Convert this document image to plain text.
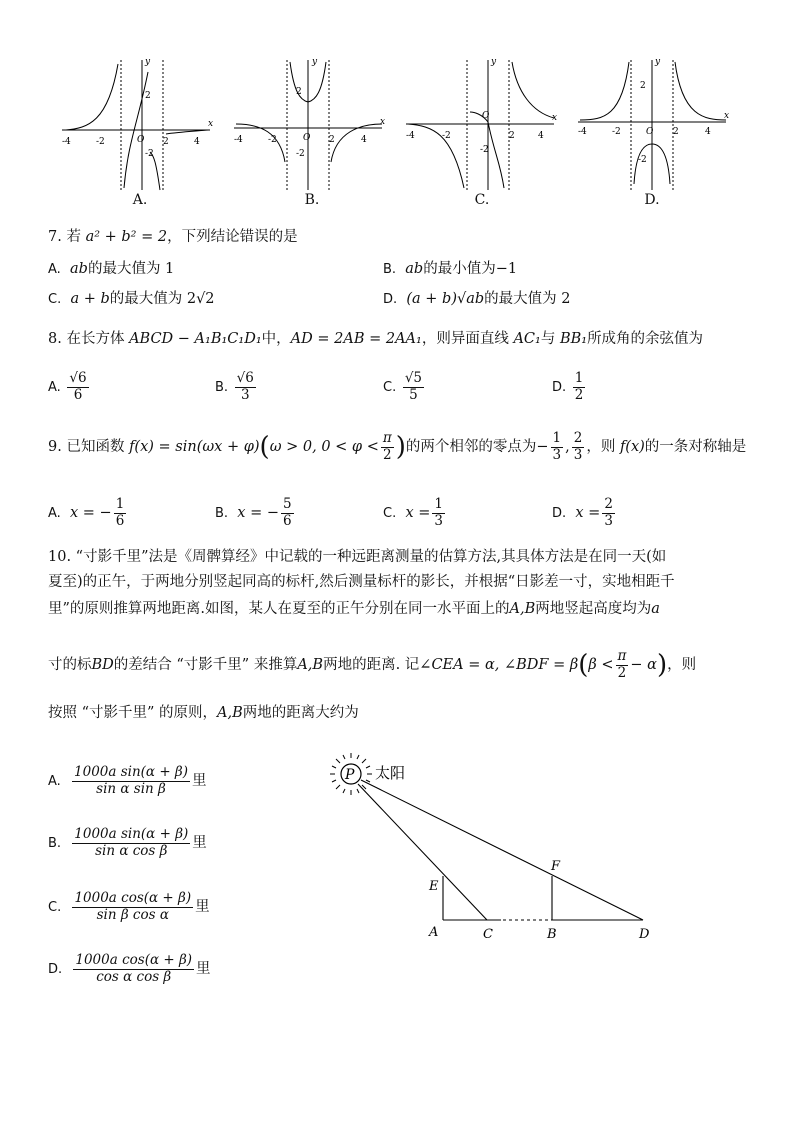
-4	-2	O 2	4
2
-2
x
y
-4	-2	O 2	4
2
-2
x
y
-4	-2
O
2	4
-2
x
y
-4	-2	O 2	4
2
-2
x
y
A.	B.	C.	D.
7. 若 a² + b² = 2，下列结论错误的是
A. ab的最大值为 1	B. ab的最小值为−1
C. a + b的最大值为 2√2	D. (a + b)√ab的最大值为 2
8. 在长方体 ABCD − A₁B₁C₁D₁中，AD = 2AB = 2AA₁，则异面直线 AC₁与 BB₁所成角的余弦值为
A. $\frac{√6}{6}$	B. $\frac{√6}{3}$	C. $\frac{√5}{5}$	D. $\frac{1}{2}$
9. 已知函数 f(x) = sin(ωx + φ)(ω > 0, $0 < \varphi < \frac{\pi}{2}$ )的两个相邻的零点为− $\frac{1}{3}$ , $\frac{2}{3}$ ，则 f(x)的一条对称轴是
A. x = − $\frac{1}{6}$	B. x = − $\frac{5}{6}$	C. $x = \frac{1}{3}$	D. $x = \frac{2}{3}$
10. “寸影千里”法是《周髀算经》中记载的一种远距离测量的估算方法,其具体方法是在同一天(如
夏至)的正午，于两地分别竖起同高的标杆,然后测量标杆的影长，并根据“日影差一寸，实地相距千
里”的原则推算两地距离.如图，某人在夏至的正午分别在同一水平面上的A,B两地竖起高度均为a
寸的标BD的差结合 “寸影千里” 来推算A,B两地的距离. 记∠CEA = α, ∠BDF = $\beta(\beta < \frac{\pi}{2} - \alpha)$，则
按照 “寸影千里” 的原则，A,B两地的距离大约为
A. $\frac{\text{1000a sin(α + β)}}{\text{sin α sin β}}$ 里
B. $\frac{\text{1000a sin(α + β)}}{\text{sin α cos β}}$ 里
C. $\frac{\text{1000a cos(α + β)}}{\text{sin β cos α}}$ 里
D. $\frac{\text{1000a cos(α + β)}}{\text{cos α cos β}}$ 里
P 太阳
E
A	C
F
B	D
